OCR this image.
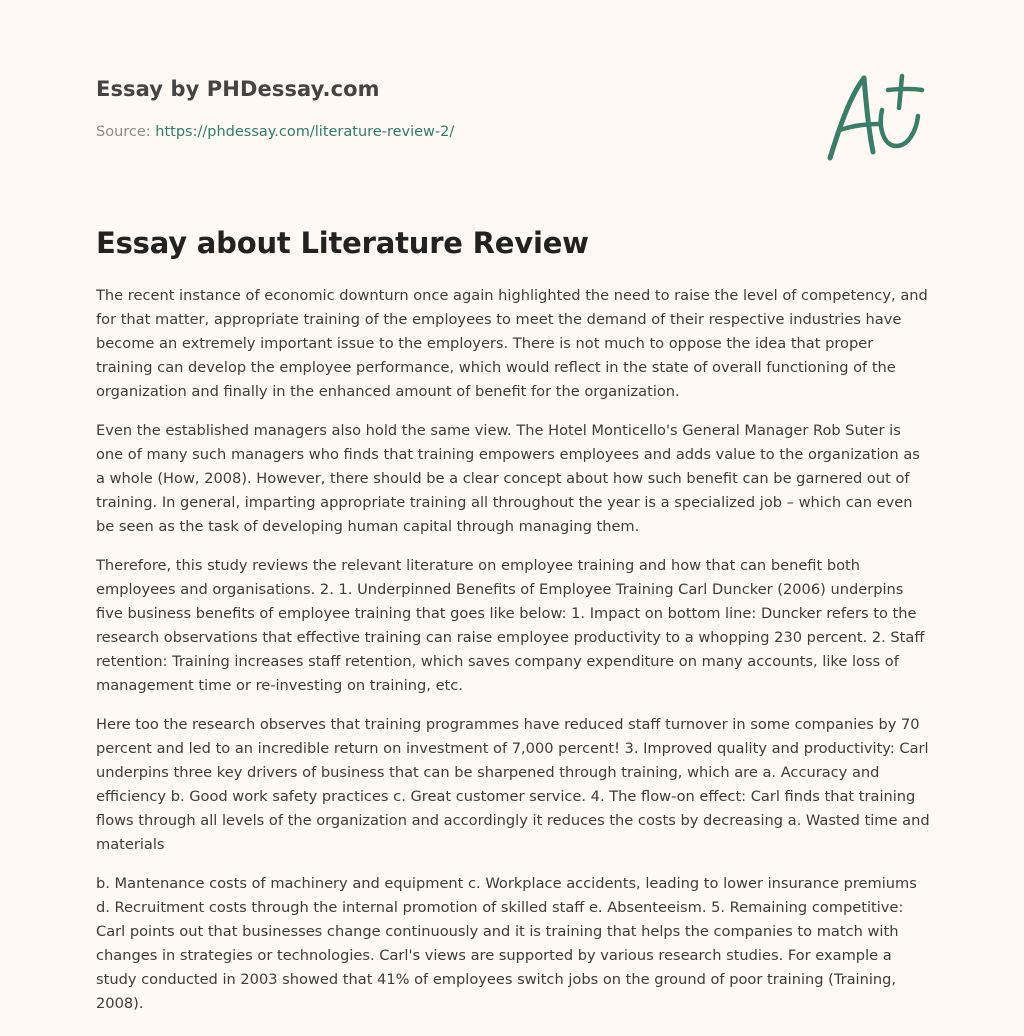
Essay by PHDessay.com
Source: https://phdessay.com/literature-review-2/
Essay about Literature Review

The recent instance of economic downturn once again highlighted the need to raise the level of competency, and for that matter, appropriate training of the employees to meet the demand of their respective industries have become an extremely important issue to the employers. There is not much to oppose the idea that proper training can develop the employee performance, which would reflect in the state of overall functioning of the organization and finally in the enhanced amount of benefit for the organization.

Even the established managers also hold the same view. The Hotel Monticello's General Manager Rob Suter is one of many such managers who finds that training empowers employees and adds value to the organization as a whole (How, 2008). However, there should be a clear concept about how such benefit can be garnered out of training. In general, imparting appropriate training all throughout the year is a specialized job – which can even be seen as the task of developing human capital through managing them.

Therefore, this study reviews the relevant literature on employee training and how that can benefit both employees and organisations. 2. 1. Underpinned Benefits of Employee Training Carl Duncker (2006) underpins five business benefits of employee training that goes like below: 1. Impact on bottom line: Duncker refers to the research observations that effective training can raise employee productivity to a whopping 230 percent. 2. Staff retention: Training increases staff retention, which saves company expenditure on many accounts, like loss of management time or re-investing on training, etc.

Here too the research observes that training programmes have reduced staff turnover in some companies by 70 percent and led to an incredible return on investment of 7,000 percent! 3. Improved quality and productivity: Carl underpins three key drivers of business that can be sharpened through training, which are a. Accuracy and efficiency b. Good work safety practices c. Great customer service. 4. The flow-on effect: Carl finds that training flows through all levels of the organization and accordingly it reduces the costs by decreasing a. Wasted time and materials

b. Mantenance costs of machinery and equipment c. Workplace accidents, leading to lower insurance premiums d. Recruitment costs through the internal promotion of skilled staff e. Absenteeism. 5. Remaining competitive: Carl points out that businesses change continuously and it is training that helps the companies to match with changes in strategies or technologies. Carl's views are supported by various research studies. For example a study conducted in 2003 showed that 41% of employees switch jobs on the ground of poor training (Training, 2008).
